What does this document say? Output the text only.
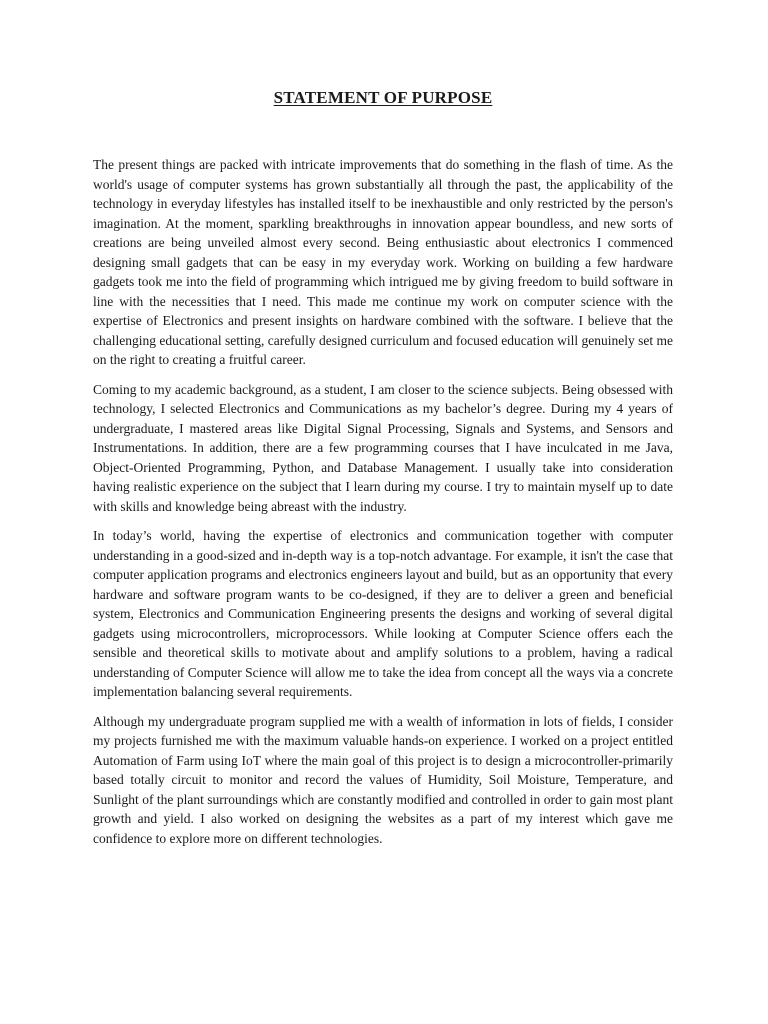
STATEMENT OF PURPOSE

The present things are packed with intricate improvements that do something in the flash of time. As the world's usage of computer systems has grown substantially all through the past, the applicability of the technology in everyday lifestyles has installed itself to be inexhaustible and only restricted by the person's imagination. At the moment, sparkling breakthroughs in innovation appear boundless, and new sorts of creations are being unveiled almost every second. Being enthusiastic about electronics I commenced designing small gadgets that can be easy in my everyday work. Working on building a few hardware gadgets took me into the field of programming which intrigued me by giving freedom to build software in line with the necessities that I need. This made me continue my work on computer science with the expertise of Electronics and present insights on hardware combined with the software. I believe that the challenging educational setting, carefully designed curriculum and focused education will genuinely set me on the right to creating a fruitful career.

Coming to my academic background, as a student, I am closer to the science subjects. Being obsessed with technology, I selected Electronics and Communications as my bachelor’s degree. During my 4 years of undergraduate, I mastered areas like Digital Signal Processing, Signals and Systems, and Sensors and Instrumentations. In addition, there are a few programming courses that I have inculcated in me Java, Object-Oriented Programming, Python, and Database Management. I usually take into consideration having realistic experience on the subject that I learn during my course. I try to maintain myself up to date with skills and knowledge being abreast with the industry.

In today’s world, having the expertise of electronics and communication together with computer understanding in a good-sized and in-depth way is a top-notch advantage. For example, it isn't the case that computer application programs and electronics engineers layout and build, but as an opportunity that every hardware and software program wants to be co-designed, if they are to deliver a green and beneficial system, Electronics and Communication Engineering presents the designs and working of several digital gadgets using microcontrollers, microprocessors. While looking at Computer Science offers each the sensible and theoretical skills to motivate about and amplify solutions to a problem, having a radical understanding of Computer Science will allow me to take the idea from concept all the ways via a concrete implementation balancing several requirements.

Although my undergraduate program supplied me with a wealth of information in lots of fields, I consider my projects furnished me with the maximum valuable hands-on experience. I worked on a project entitled Automation of Farm using IoT where the main goal of this project is to design a microcontroller-primarily based totally circuit to monitor and record the values of Humidity, Soil Moisture, Temperature, and Sunlight of the plant surroundings which are constantly modified and controlled in order to gain most plant growth and yield. I also worked on designing the websites as a part of my interest which gave me confidence to explore more on different technologies.
